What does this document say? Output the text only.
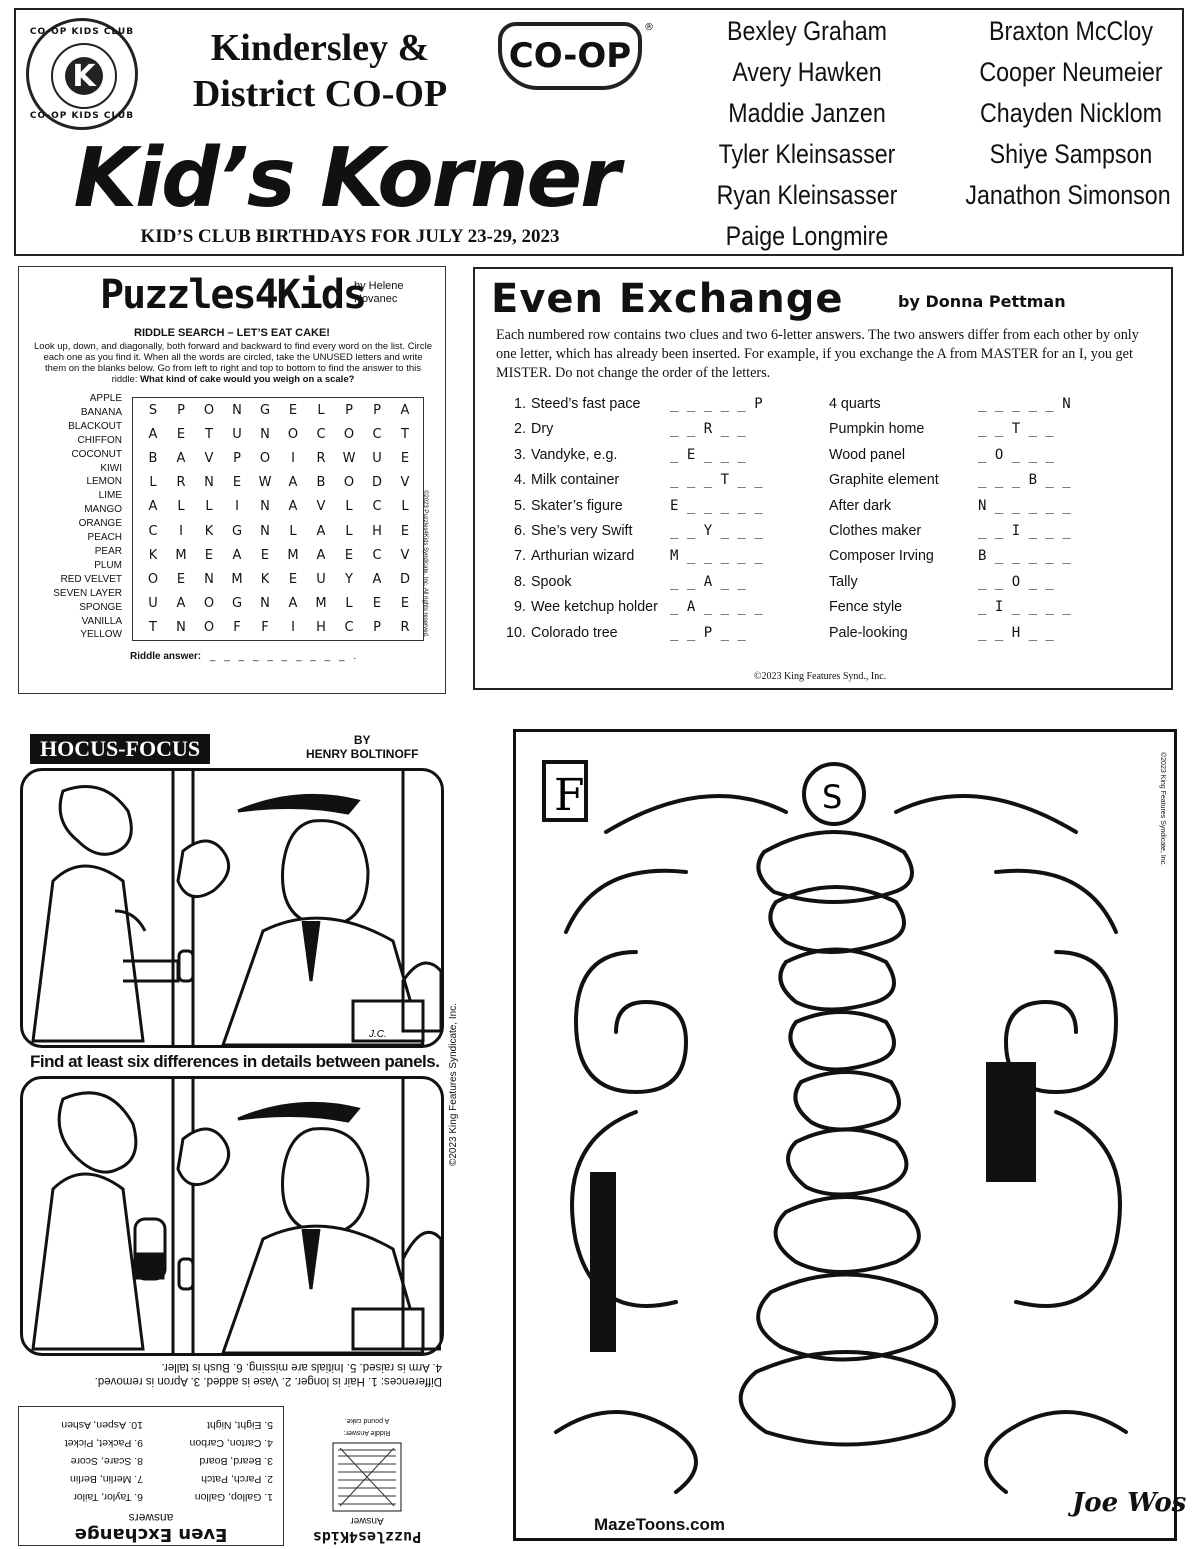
CO-OP KIDS CLUB
K
CO-OP KIDS CLUB
Kindersley &
District CO-OP
CO-OP
®
Kid’s Korner
KID’S CLUB BIRTHDAYS FOR JULY 23-29, 2023
Bexley Graham
Avery Hawken
Maddie Janzen
Tyler Kleinsasser
Ryan Kleinsasser
Paige Longmire
Braxton McCloy
Cooper Neumeier
Chayden Nicklom
Shiye Sampson
Janathon Simonson
Puzzles4Kids
by Helene
Hovanec
RIDDLE SEARCH – LET’S EAT CAKE!
Look up, down, and diagonally, both forward and backward to find every word on the list. Circle each one as you find it. When all the words are circled, take the UNUSED letters and write them on the blanks below. Go from left to right and top to bottom to find the answer to this riddle: What kind of cake would you weigh on a scale?
APPLE
BANANA
BLACKOUT
CHIFFON
COCONUT
KIWI
LEMON
LIME
MANGO
ORANGE
PEACH
PEAR
PLUM
RED VELVET
SEVEN LAYER
SPONGE
VANILLA
YELLOW
S	P	O	N	G	E	L	P	P	A
A	E	T	U	N	O	C	O	C	T
B	A	V	P	O	I	R	W	U	E
L	R	N	E	W	A	B	O	D	V
A	L	L	I	N	A	V	L	C	L
C	I	K	G	N	L	A	L	H	E
K	M	E	A	E	M	A	E	C	V
O	E	N	M	K	E	U	Y	A	D
U	A	O	G	N	A	M	L	E	E
T	N	O	F	F	I	H	C	P	R	©2023 Puzzles4Kids Syndicate, Inc. All rights reserved.
Riddle answer: _ _ _ _ _ _ _ _ _ _ .
Even Exchange	by Donna Pettman
Each numbered row contains two clues and two 6-letter answers. The two answers differ from each other by only one letter, which has already been inserted. For example, if you exchange the A from MASTER for an I, you get MISTER. Do not change the order of the letters.
1. Steed’s fast pace _ _ _ _ _ P	4 quarts	_ _ _ _ _ N
2. Dry	_ _ R _ _	Pumpkin home	_ _ T _ _
3. Vandyke, e.g.	_ E _ _ _	Wood panel	_ O _ _ _
4. Milk container	_ _ _ T _ _	Graphite element	_ _ _ B _ _
5. Skater’s figure	E _ _ _ _ _	After dark	N _ _ _ _ _
6. She’s very Swift	_ _ Y _ _ _	Clothes maker	_ _ I _ _ _
7. Arthurian wizard	M _ _ _ _ _	Composer Irving	B _ _ _ _ _
8. Spook	_ _ A _ _	Tally	_ _ O _ _
9. Wee ketchup holder _ A _ _ _ _	Fence style	_ I _ _ _ _
10. Colorado tree	_ _ P _ _	Pale-looking	_ _ H _ _
©2023 King Features Synd., Inc.
HOCUS-FOCUS	BY
HENRY BOLTINOFF
J.C.
Find at least six differences in details between panels. ©2023 King Features Syndicate, Inc.
Differences: 1. Hair is longer. 2. Vase is added. 3. Apron is removed.
4. Arm is raised. 5. Initials are missing. 6. Bush is taller.
Even Exchange
answers
1. Gallop, Gallon
2. Parch, Patch
3. Beard, Board
4. Carton, Carbon
5. Eight, Night
6. Taylor, Tailor
7. Merlin, Berlin
8. Scare, Score
9. Packet, Picket
10. Aspen, Ashen
Puzzles4Kids
Answer
Riddle Answer:
A pound cake.
F	S
MazeToons.com
Joe Wos
©2023 King Features Syndicate, Inc.
